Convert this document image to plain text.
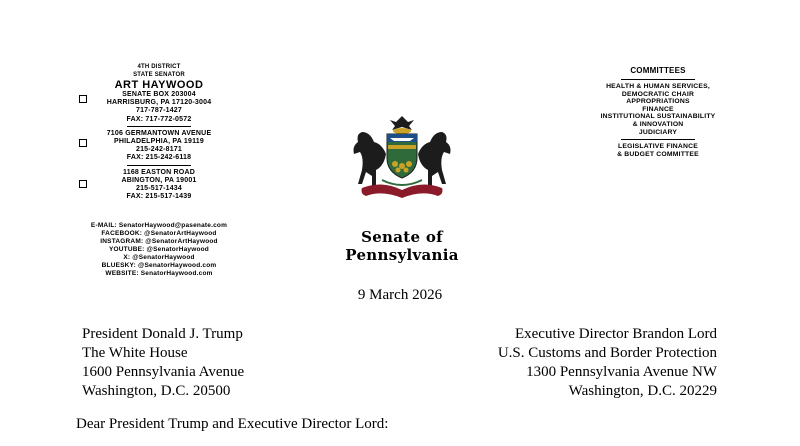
4TH DISTRICT
STATE SENATOR
ART HAYWOOD
SENATE BOX 203004
HARRISBURG, PA 17120-3004
717-787-1427
FAX: 717-772-0572
7106 GERMANTOWN AVENUE
PHILADELPHIA, PA 19119
215-242-8171
FAX: 215-242-6118
1168 EASTON ROAD
ABINGTON, PA 19001
215-517-1434
FAX: 215-517-1439
E-MAIL: SenatorHaywood@pasenate.com
FACEBOOK: @SenatorArtHaywood
INSTAGRAM: @SenatorArtHaywood
YOUTUBE: @SenatorHaywood
X: @SenatorHaywood
BLUESKY: @SenatorHaywood.com
WEBSITE: SenatorHaywood.com
COMMITTEES
HEALTH & HUMAN SERVICES,
DEMOCRATIC CHAIR
APPROPRIATIONS
FINANCE
INSTITUTIONAL SUSTAINABILITY
& INNOVATION
JUDICIARY
LEGISLATIVE FINANCE
& BUDGET COMMITTEE
Senate of Pennsylvania
9 March 2026
President Donald J. Trump
The White House
1600 Pennsylvania Avenue
Washington, D.C. 20500
Executive Director Brandon Lord
U.S. Customs and Border Protection
1300 Pennsylvania Avenue NW
Washington, D.C. 20229
Dear President Trump and Executive Director Lord:
